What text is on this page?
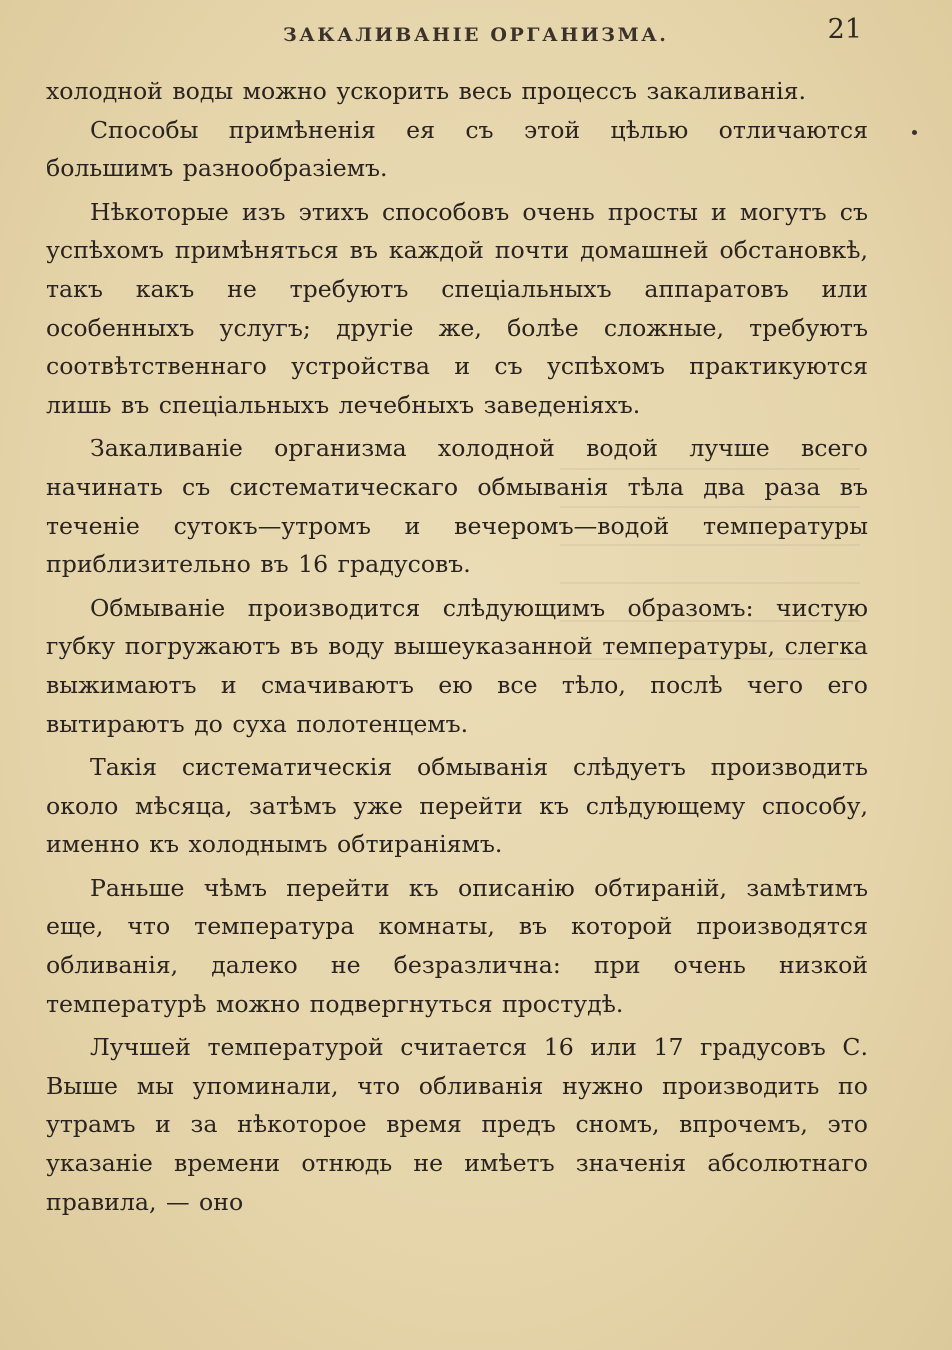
ЗАКАЛИВАНІЕ ОРГАНИЗМА.	21

холодной воды можно ускорить весь процессъ закаливанія.

Способы примѣненія ея съ этой цѣлью отличаются большимъ разнообразіемъ.

Нѣкоторые изъ этихъ способовъ очень просты и могутъ съ успѣхомъ примѣняться въ каждой почти домашней обстановкѣ, такъ какъ не требуютъ спеціальныхъ аппаратовъ или особенныхъ услугъ; другіе же, болѣе сложные, требуютъ соотвѣтственнаго устройства и съ успѣхомъ практикуются лишь въ спеціальныхъ лечебныхъ заведеніяхъ.

Закаливаніе организма холодной водой лучше всего начинать съ систематическаго обмыванія тѣла два раза въ теченіе сутокъ—утромъ и вечеромъ—водой температуры приблизительно въ 16 градусовъ.

Обмываніе производится слѣдующимъ образомъ: чистую губку погружаютъ въ воду вышеуказанной температуры, слегка выжимаютъ и смачиваютъ ею все тѣло, послѣ чего его вытираютъ до суха полотенцемъ.

Такія систематическія обмыванія слѣдуетъ производить около мѣсяца, затѣмъ уже перейти къ слѣдующему способу, именно къ холоднымъ обтираніямъ.

Раньше чѣмъ перейти къ описанію обтираній, замѣтимъ еще, что температура комнаты, въ которой производятся обливанія, далеко не безразлична: при очень низкой температурѣ можно подвергнуться простудѣ.

Лучшей температурой считается 16 или 17 градусовъ С. Выше мы упоминали, что обливанія нужно производить по утрамъ и за нѣкоторое время предъ сномъ, впрочемъ, это указаніе времени отнюдь не имѣетъ значенія абсолютнаго правила, — оно
